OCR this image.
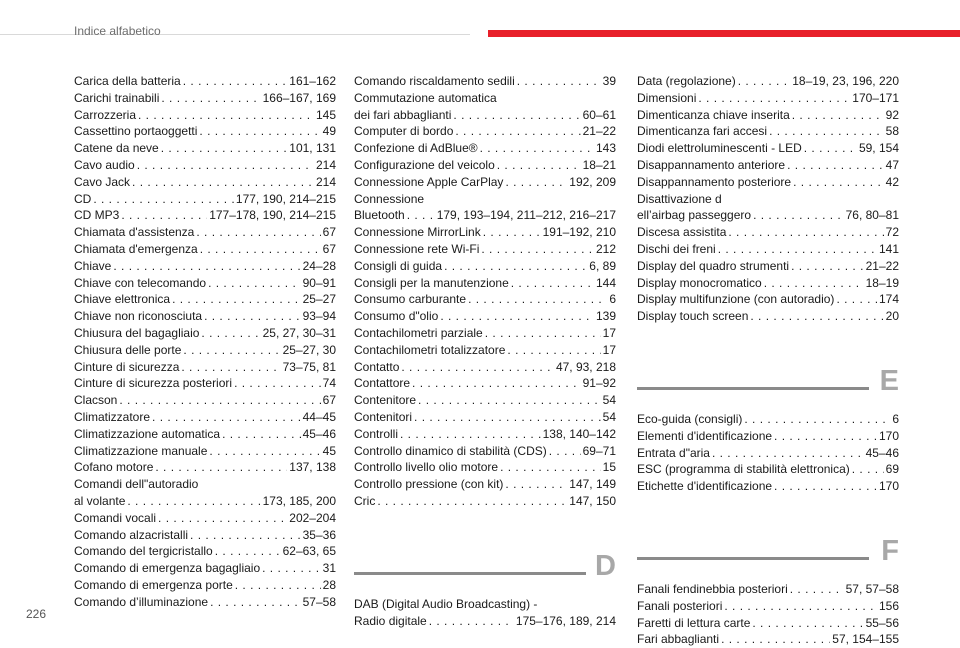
Indice alfabetico
Carica della batteria . . .	161–162
Carichi trainabili . . .	166–167, 169
Carrozzeria . . .	145
Cassettino portaoggetti . . .	49
Catene da neve . . .	101, 131
Cavo audio . . .	214
Cavo Jack . . .	214
CD . . .	177, 190, 214–215
CD MP3 . . .	177–178, 190, 214–215
Chiamata d'assistenza . . .	67
Chiamata d'emergenza . . .	67
Chiave . . .	24–28
Chiave con telecomando . . .	90–91
Chiave elettronica . . .	25–27
Chiave non riconosciuta . . .	93–94
Chiusura del bagagliaio . . .	25, 27, 30–31
Chiusura delle porte . . .	25–27, 30
Cinture di sicurezza . . .	73–75, 81
Cinture di sicurezza posteriori . . .	74
Clacson . . .	67
Climatizzatore . . .	44–45
Climatizzazione automatica . . .	45–46
Climatizzazione manuale . . .	45
Cofano motore . . .	137, 138
Comandi dell"autoradio
al volante . . .	173, 185, 200
Comandi vocali . . .	202–204
Comando alzacristalli . . .	35–36
Comando del tergicristallo . . .	62–63, 65
Comando di emergenza bagagliaio . . .	31
Comando di emergenza porte . . .	28
Comando d’illuminazione . . .	57–58
Comando riscaldamento sedili . . .	39
Commutazione automatica
dei fari abbaglianti . . .	60–61
Computer di bordo . . .	21–22
Confezione di AdBlue® . . .	143
Configurazione del veicolo . . .	18–21
Connessione Apple CarPlay . . .	192, 209
Connessione
Bluetooth . . .	179, 193–194, 211–212, 216–217
Connessione MirrorLink . . .	191–192, 210
Connessione rete Wi-Fi . . .	212
Consigli di guida . . .	6, 89
Consigli per la manutenzione . . .	144
Consumo carburante . . .	6
Consumo d"olio . . .	139
Contachilometri parziale . . .	17
Contachilometri totalizzatore . . .	17
Contatto . . .	47, 93, 218
Contattore . . .	91–92
Contenitore . . .	54
Contenitori . . .	54
Controlli . . .	138, 140–142
Controllo dinamico di stabilità (CDS) . . .	69–71
Controllo livello olio motore . . .	15
Controllo pressione (con kit) . . .	147, 149
Cric . . .	147, 150
D
DAB (Digital Audio Broadcasting) -
Radio digitale . . .	175–176, 189, 214
Data (regolazione) . . .	18–19, 23, 196, 220
Dimensioni . . .	170–171
Dimenticanza chiave inserita . . .	92
Dimenticanza fari accesi . . .	58
Diodi elettroluminescenti - LED . . .	59, 154
Disappannamento anteriore . . .	47
Disappannamento posteriore . . .	42
Disattivazione d
ell’airbag passeggero . . .	76, 80–81
Discesa assistita . . .	72
Dischi dei freni . . .	141
Display del quadro strumenti . . .	21–22
Display monocromatico . . .	18–19
Display multifunzione (con autoradio) . . .	174
Display touch screen . . .	20
E
Eco-guida (consigli) . . .	6
Elementi d'identificazione . . .	170
Entrata d"aria . . .	45–46
ESC (programma di stabilità elettronica) . . .	69
Etichette d'identificazione . . .	170
F
Fanali fendinebbia posteriori . . .	57, 57–58
Fanali posteriori . . .	156
Faretti di lettura carte . . .	55–56
Fari abbaglianti . . .	57, 154–155
226
